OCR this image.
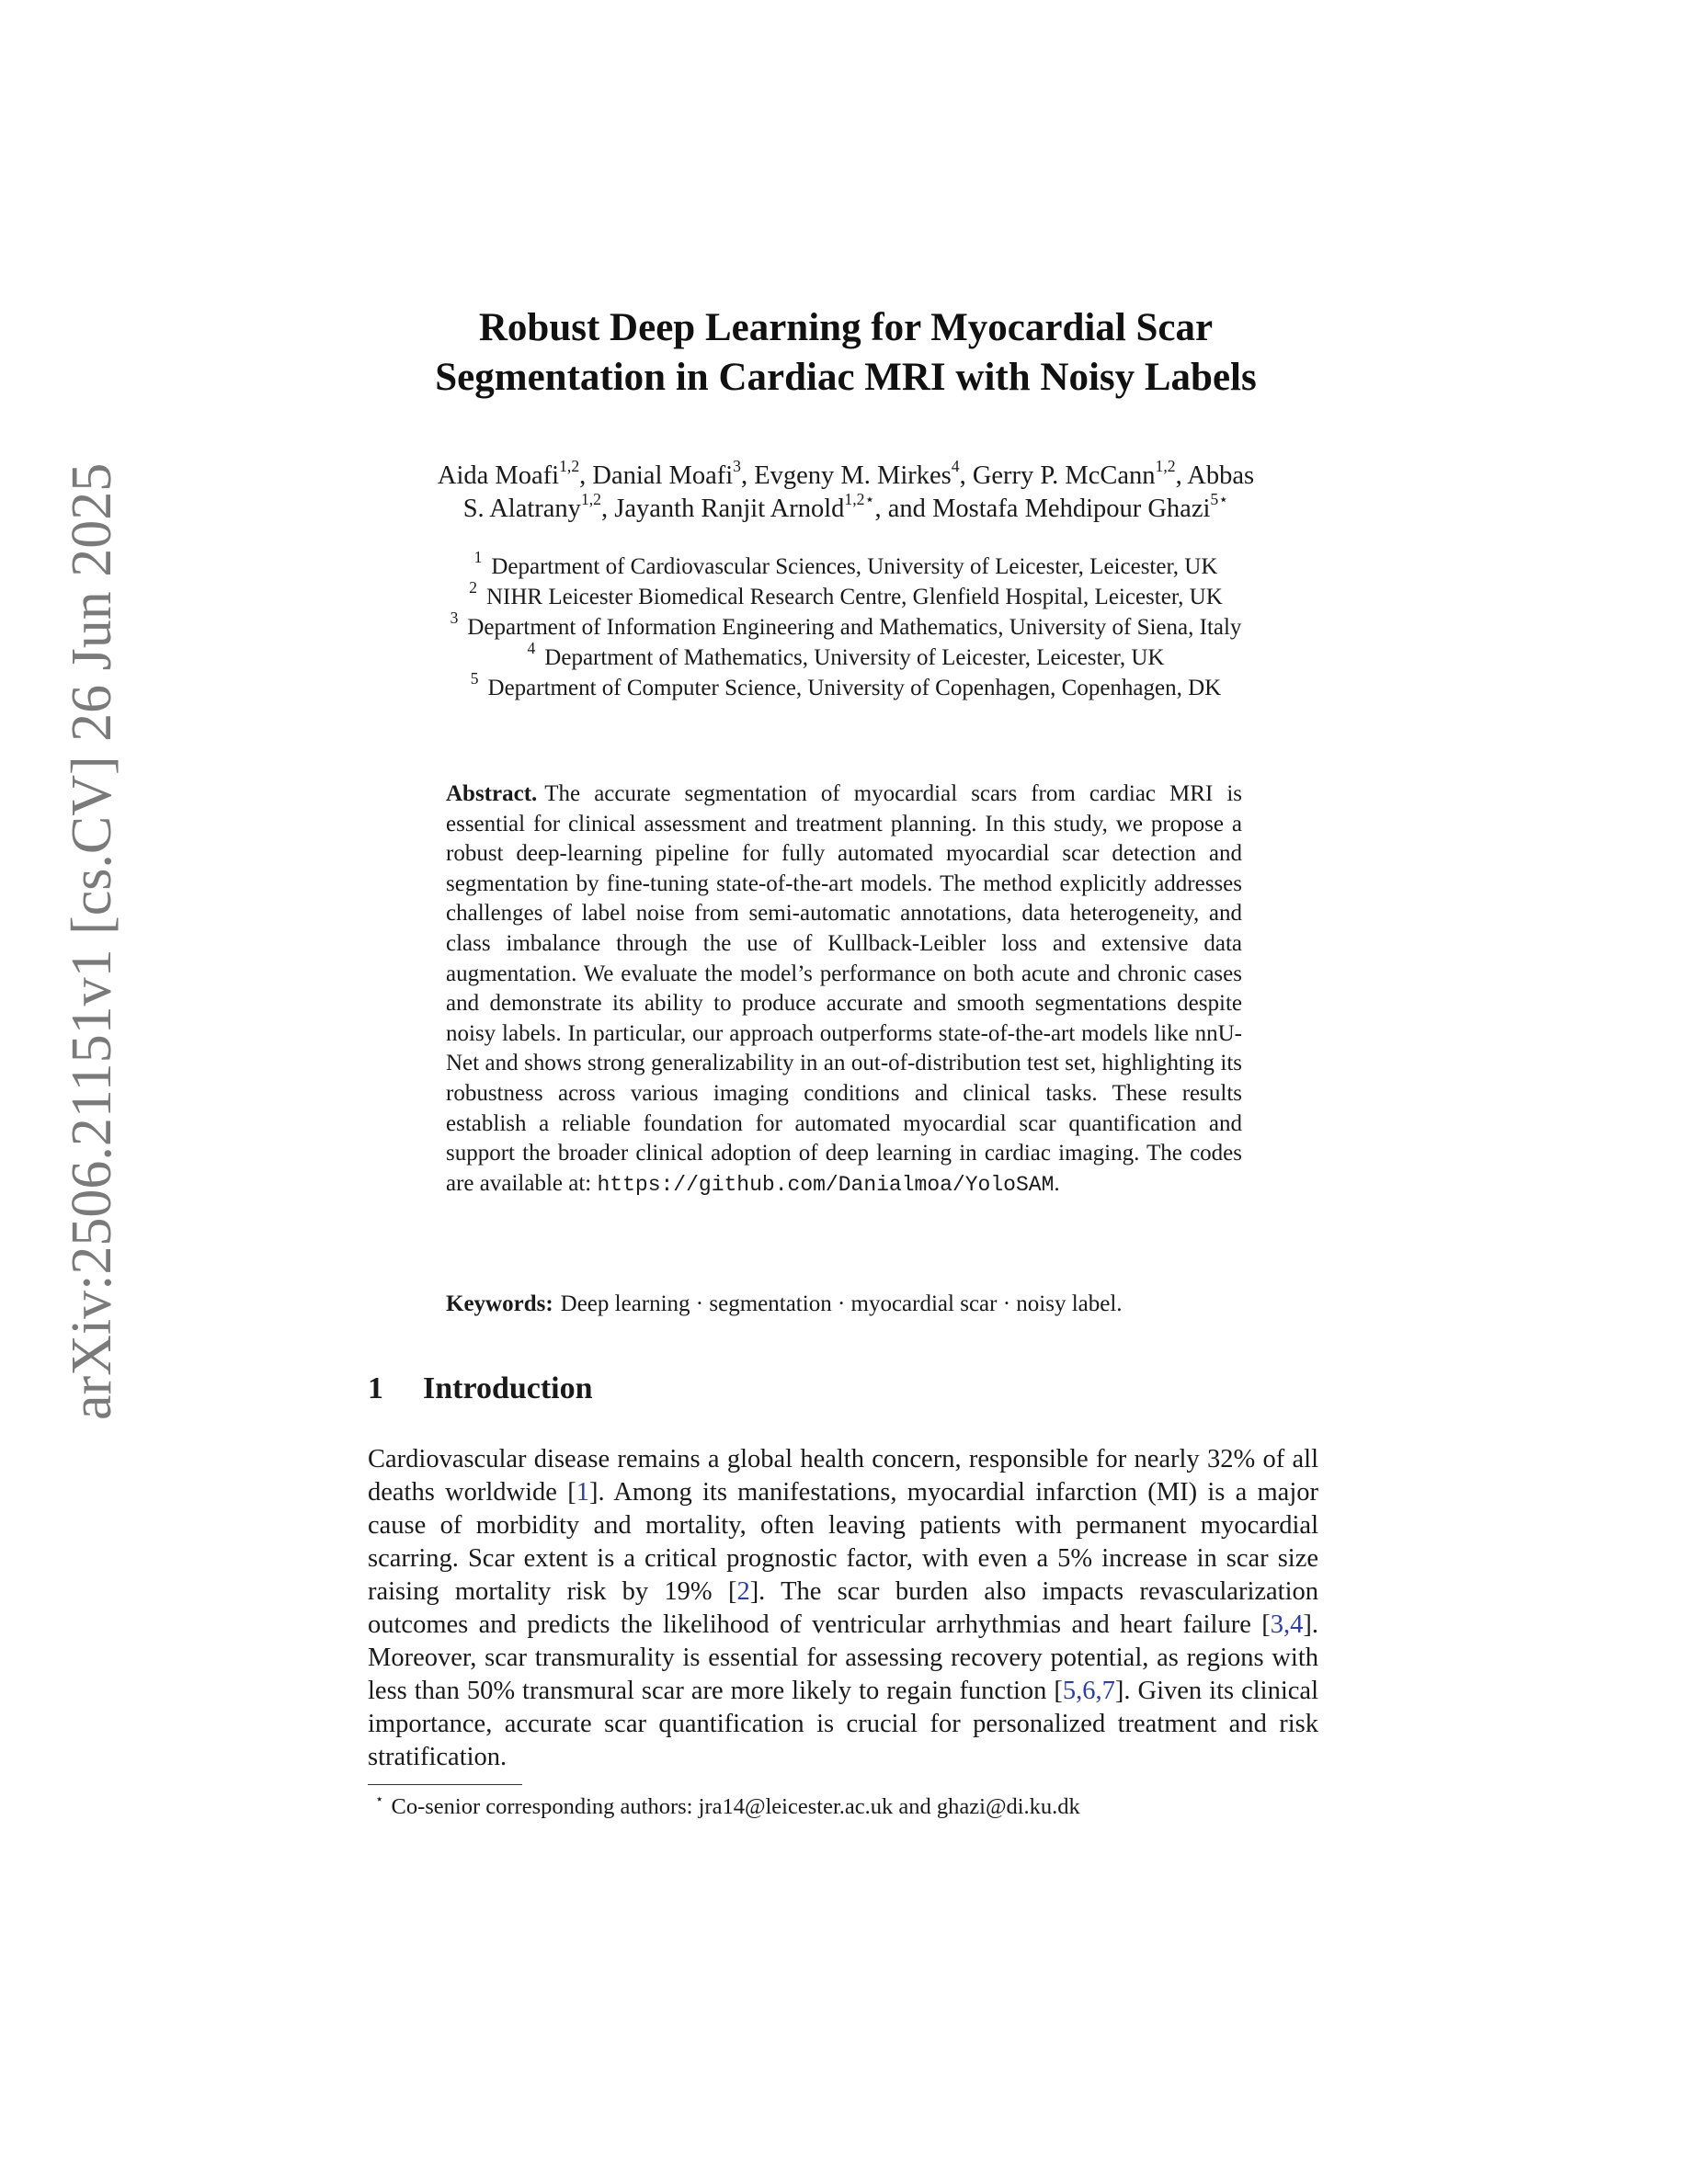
arXiv:2506.21151v1 [cs.CV] 26 Jun 2025
Robust Deep Learning for Myocardial Scar
Segmentation in Cardiac MRI with Noisy Labels
Aida Moafi$^{1,2}$, Danial Moafi$^3$, Evgeny M. Mirkes$^4$, Gerry P. McCann$^{1,2}$, Abbas
S. Alatrany$^{1,2}$, Jayanth Ranjit Arnold$^{1,2⋆}$, and Mostafa Mehdipour Ghazi$^{5⋆}$
$^1$ Department of Cardiovascular Sciences, University of Leicester, Leicester, UK
$^2$ NIHR Leicester Biomedical Research Centre, Glenfield Hospital, Leicester, UK
$^3$ Department of Information Engineering and Mathematics, University of Siena, Italy
$^4$ Department of Mathematics, University of Leicester, Leicester, UK
$^5$ Department of Computer Science, University of Copenhagen, Copenhagen, DK
Abstract. The accurate segmentation of myocardial scars from cardiac MRI is essential for clinical assessment and treatment planning. In this study, we propose a robust deep-learning pipeline for fully automated myocardial scar detection and segmentation by fine-tuning state-of-the-art models. The method explicitly addresses challenges of label noise from semi-automatic annotations, data heterogeneity, and class imbalance through the use of Kullback-Leibler loss and extensive data augmentation. We evaluate the model’s performance on both acute and chronic cases and demonstrate its ability to produce accurate and smooth segmentations despite noisy labels. In particular, our approach outperforms state-of-the-art models like nnU-Net and shows strong generalizability in an out-of-distribution test set, highlighting its robustness across various imaging conditions and clinical tasks. These results establish a reliable foundation for automated myocardial scar quantification and support the broader clinical adoption of deep learning in cardiac imaging. The codes are available at: https://github.com/Danialmoa/YoloSAM.
Keywords: Deep learning · segmentation · myocardial scar · noisy label.
1 Introduction
Cardiovascular disease remains a global health concern, responsible for nearly 32% of all deaths worldwide [1]. Among its manifestations, myocardial infarction (MI) is a major cause of morbidity and mortality, often leaving patients with permanent myocardial scarring. Scar extent is a critical prognostic factor, with even a 5% increase in scar size raising mortality risk by 19% [2]. The scar burden also impacts revascularization outcomes and predicts the likelihood of ventricular arrhythmias and heart failure [3,4]. Moreover, scar transmurality is essential for assessing recovery potential, as regions with less than 50% transmural scar are more likely to regain function [5,6,7]. Given its clinical importance, accurate scar quantification is crucial for personalized treatment and risk stratification.
⋆ Co-senior corresponding authors: jra14@leicester.ac.uk and ghazi@di.ku.dk
